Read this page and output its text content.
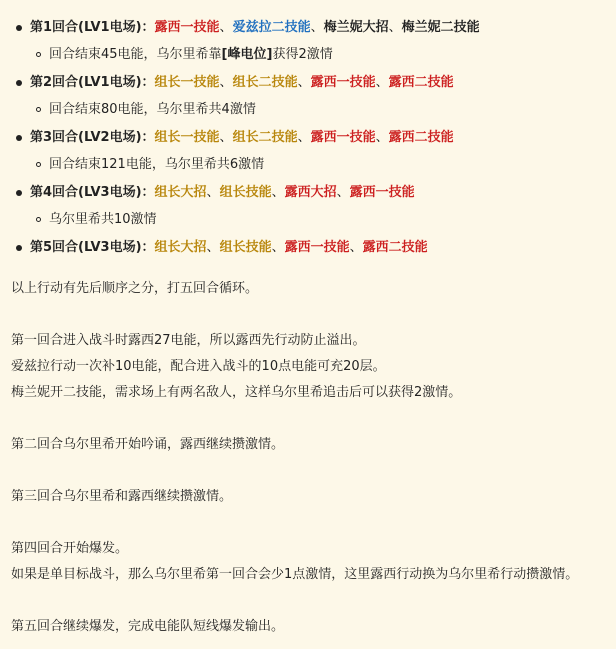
第1回合(LV1电场)：露西一技能、爱兹拉二技能、梅兰妮大招、梅兰妮二技能
回合结束45电能，乌尔里希靠[峰电位]获得2激情
第2回合(LV1电场)：组长一技能、组长二技能、露西一技能、露西二技能
回合结束80电能，乌尔里希共4激情
第3回合(LV2电场)：组长一技能、组长二技能、露西一技能、露西二技能
回合结束121电能，乌尔里希共6激情
第4回合(LV3电场)：组长大招、组长技能、露西大招、露西一技能
乌尔里希共10激情
第5回合(LV3电场)：组长大招、组长技能、露西一技能、露西二技能
以上行动有先后顺序之分，打五回合循环。
第一回合进入战斗时露西27电能，所以露西先行动防止溢出。
爱兹拉行动一次补10电能，配合进入战斗的10点电能可充20层。
梅兰妮开二技能，需求场上有两名敌人，这样乌尔里希追击后可以获得2激情。
第二回合乌尔里希开始吟诵，露西继续攒激情。
第三回合乌尔里希和露西继续攒激情。
第四回合开始爆发。
如果是单目标战斗，那么乌尔里希第一回合会少1点激情，这里露西行动换为乌尔里希行动攒激情。
第五回合继续爆发，完成电能队短线爆发输出。
